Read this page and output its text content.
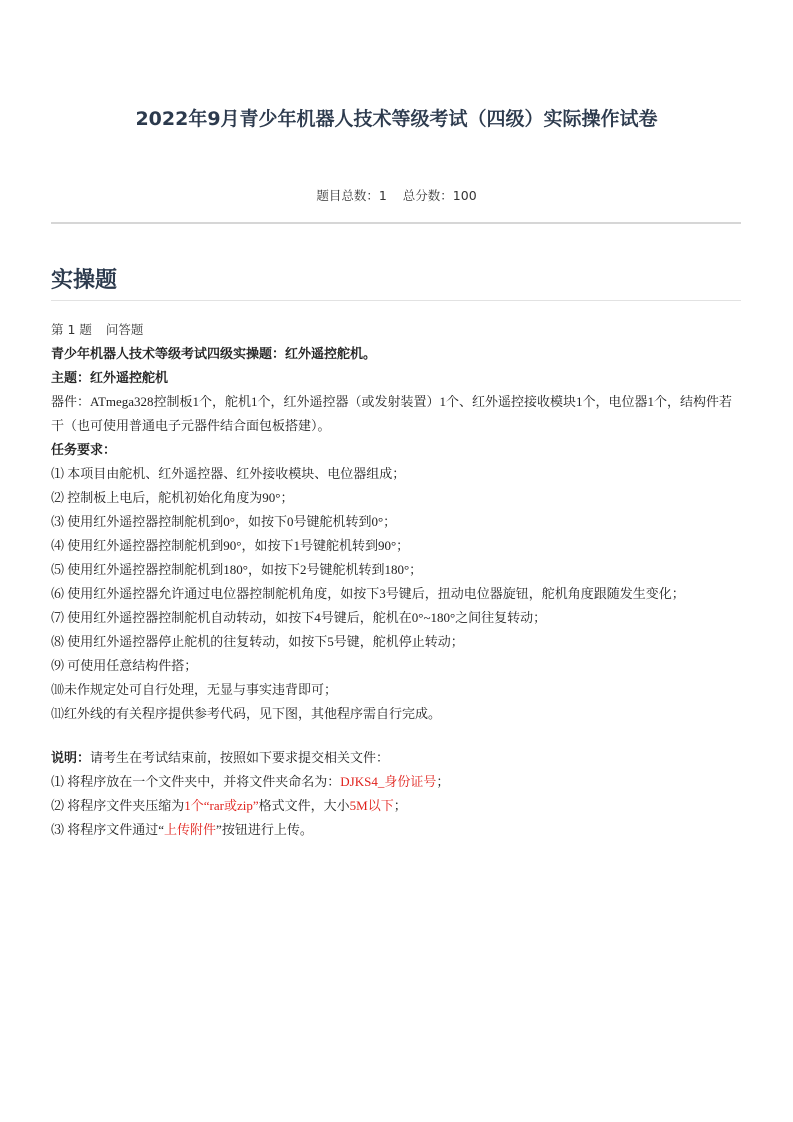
2022年9月青少年机器人技术等级考试（四级）实际操作试卷
题目总数：1 总分数：100
实操题
第 1 题 问答题
青少年机器人技术等级考试四级实操题：红外遥控舵机。
主题：红外遥控舵机
器件：ATmega328控制板1个，舵机1个，红外遥控器（或发射装置）1个、红外遥控接收模块1个，电位器1个，结构件若干（也可使用普通电子元器件结合面包板搭建）。
任务要求：
⑴ 本项目由舵机、红外遥控器、红外接收模块、电位器组成；
⑵ 控制板上电后，舵机初始化角度为90°；
⑶ 使用红外遥控器控制舵机到0°，如按下0号键舵机转到0°；
⑷ 使用红外遥控器控制舵机到90°，如按下1号键舵机转到90°；
⑸ 使用红外遥控器控制舵机到180°，如按下2号键舵机转到180°；
⑹ 使用红外遥控器允许通过电位器控制舵机角度，如按下3号键后，扭动电位器旋钮，舵机角度跟随发生变化；
⑺ 使用红外遥控器控制舵机自动转动，如按下4号键后，舵机在0°~180°之间往复转动；
⑻ 使用红外遥控器停止舵机的往复转动，如按下5号键，舵机停止转动；
⑼ 可使用任意结构件搭；
⑽未作规定处可自行处理，无显与事实违背即可；
⑾红外线的有关程序提供参考代码，见下图，其他程序需自行完成。
说明：请考生在考试结束前，按照如下要求提交相关文件：
⑴ 将程序放在一个文件夹中，并将文件夹命名为：DJKS4_身份证号；
⑵ 将程序文件夹压缩为1个“rar或zip”格式文件，大小5M以下；
⑶ 将程序文件通过“上传附件”按钮进行上传。
